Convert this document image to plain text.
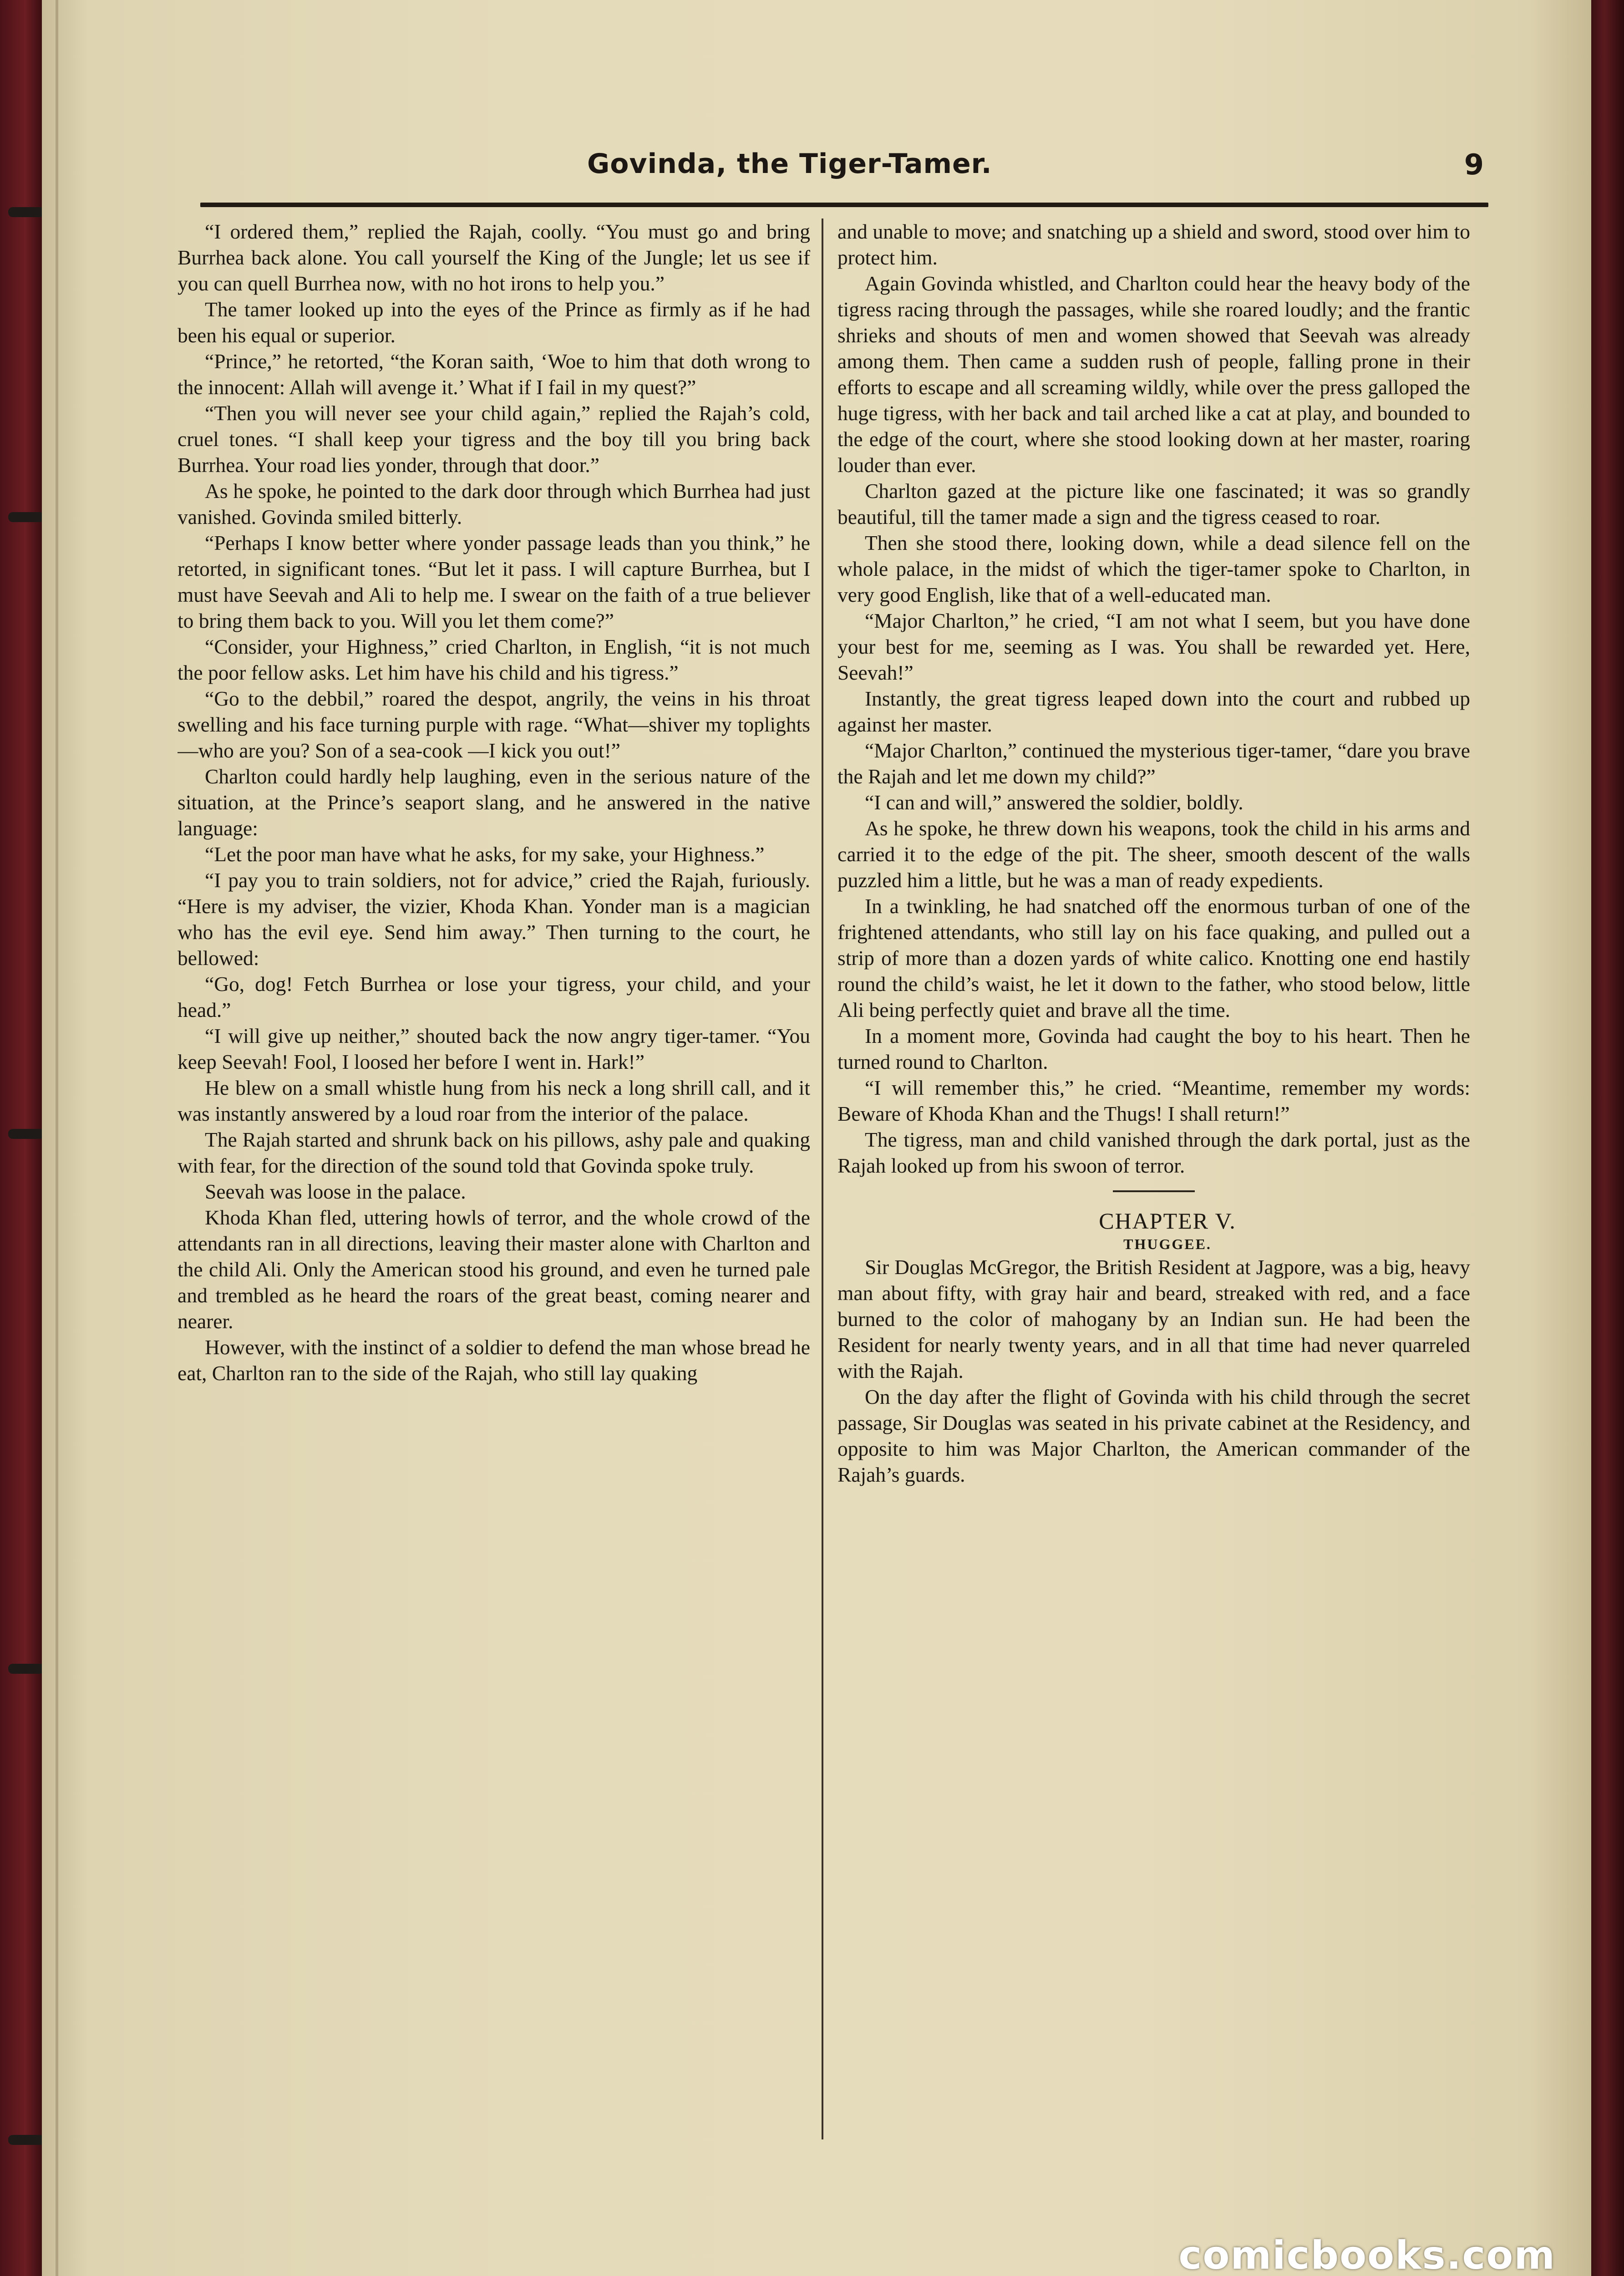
Govinda, the Tiger-Tamer.	9

“I ordered them,” replied the Rajah, coolly. “You must go and bring Burrhea back alone. You call yourself the King of the Jungle; let us see if you can quell Burrhea now, with no hot irons to help you.”

The tamer looked up into the eyes of the Prince as firmly as if he had been his equal or superior.

“Prince,” he retorted, “the Koran saith, ‘Woe to him that doth wrong to the innocent: Allah will avenge it.’ What if I fail in my quest?”

“Then you will never see your child again,” replied the Rajah’s cold, cruel tones. “I shall keep your tigress and the boy till you bring back Burrhea. Your road lies yonder, through that door.”

As he spoke, he pointed to the dark door through which Burrhea had just vanished. Govinda smiled bitterly.

“Perhaps I know better where yonder passage leads than you think,” he retorted, in significant tones. “But let it pass. I will capture Burrhea, but I must have Seevah and Ali to help me. I swear on the faith of a true believer to bring them back to you. Will you let them come?”

“Consider, your Highness,” cried Charlton, in English, “it is not much the poor fellow asks. Let him have his child and his tigress.”

“Go to the debbil,” roared the despot, angrily, the veins in his throat swelling and his face turning purple with rage. “What—shiver my toplights—who are you? Son of a sea-cook —I kick you out!”

Charlton could hardly help laughing, even in the serious nature of the situation, at the Prince’s seaport slang, and he answered in the native language:

“Let the poor man have what he asks, for my sake, your Highness.”

“I pay you to train soldiers, not for advice,” cried the Rajah, furiously. “Here is my adviser, the vizier, Khoda Khan. Yonder man is a magician who has the evil eye. Send him away.” Then turning to the court, he bellowed:

“Go, dog! Fetch Burrhea or lose your tigress, your child, and your head.”

“I will give up neither,” shouted back the now angry tiger-tamer. “You keep Seevah! Fool, I loosed her before I went in. Hark!”

He blew on a small whistle hung from his neck a long shrill call, and it was instantly answered by a loud roar from the interior of the palace.

The Rajah started and shrunk back on his pillows, ashy pale and quaking with fear, for the direction of the sound told that Govinda spoke truly.

Seevah was loose in the palace.

Khoda Khan fled, uttering howls of terror, and the whole crowd of the attendants ran in all directions, leaving their master alone with Charlton and the child Ali. Only the American stood his ground, and even he turned pale and trembled as he heard the roars of the great beast, coming nearer and nearer.

However, with the instinct of a soldier to defend the man whose bread he eat, Charlton ran to the side of the Rajah, who still lay quaking

and unable to move; and snatching up a shield and sword, stood over him to protect him.

Again Govinda whistled, and Charlton could hear the heavy body of the tigress racing through the passages, while she roared loudly; and the frantic shrieks and shouts of men and women showed that Seevah was already among them. Then came a sudden rush of people, falling prone in their efforts to escape and all screaming wildly, while over the press galloped the huge tigress, with her back and tail arched like a cat at play, and bounded to the edge of the court, where she stood looking down at her master, roaring louder than ever.

Charlton gazed at the picture like one fascinated; it was so grandly beautiful, till the tamer made a sign and the tigress ceased to roar.

Then she stood there, looking down, while a dead silence fell on the whole palace, in the midst of which the tiger-tamer spoke to Charlton, in very good English, like that of a well-educated man.

“Major Charlton,” he cried, “I am not what I seem, but you have done your best for me, seeming as I was. You shall be rewarded yet. Here, Seevah!”

Instantly, the great tigress leaped down into the court and rubbed up against her master.

“Major Charlton,” continued the mysterious tiger-tamer, “dare you brave the Rajah and let me down my child?”

“I can and will,” answered the soldier, boldly.

As he spoke, he threw down his weapons, took the child in his arms and carried it to the edge of the pit. The sheer, smooth descent of the walls puzzled him a little, but he was a man of ready expedients.

In a twinkling, he had snatched off the enormous turban of one of the frightened attendants, who still lay on his face quaking, and pulled out a strip of more than a dozen yards of white calico. Knotting one end hastily round the child’s waist, he let it down to the father, who stood below, little Ali being perfectly quiet and brave all the time.

In a moment more, Govinda had caught the boy to his heart. Then he turned round to Charlton.

“I will remember this,” he cried. “Meantime, remember my words: Beware of Khoda Khan and the Thugs! I shall return!”

The tigress, man and child vanished through the dark portal, just as the Rajah looked up from his swoon of terror.

CHAPTER V.

THUGGEE.

Sir Douglas McGregor, the British Resident at Jagpore, was a big, heavy man about fifty, with gray hair and beard, streaked with red, and a face burned to the color of mahogany by an Indian sun. He had been the Resident for nearly twenty years, and in all that time had never quarreled with the Rajah.

On the day after the flight of Govinda with his child through the secret passage, Sir Douglas was seated in his private cabinet at the Residency, and opposite to him was Major Charlton, the American commander of the Rajah’s guards.

comicbooks.com
